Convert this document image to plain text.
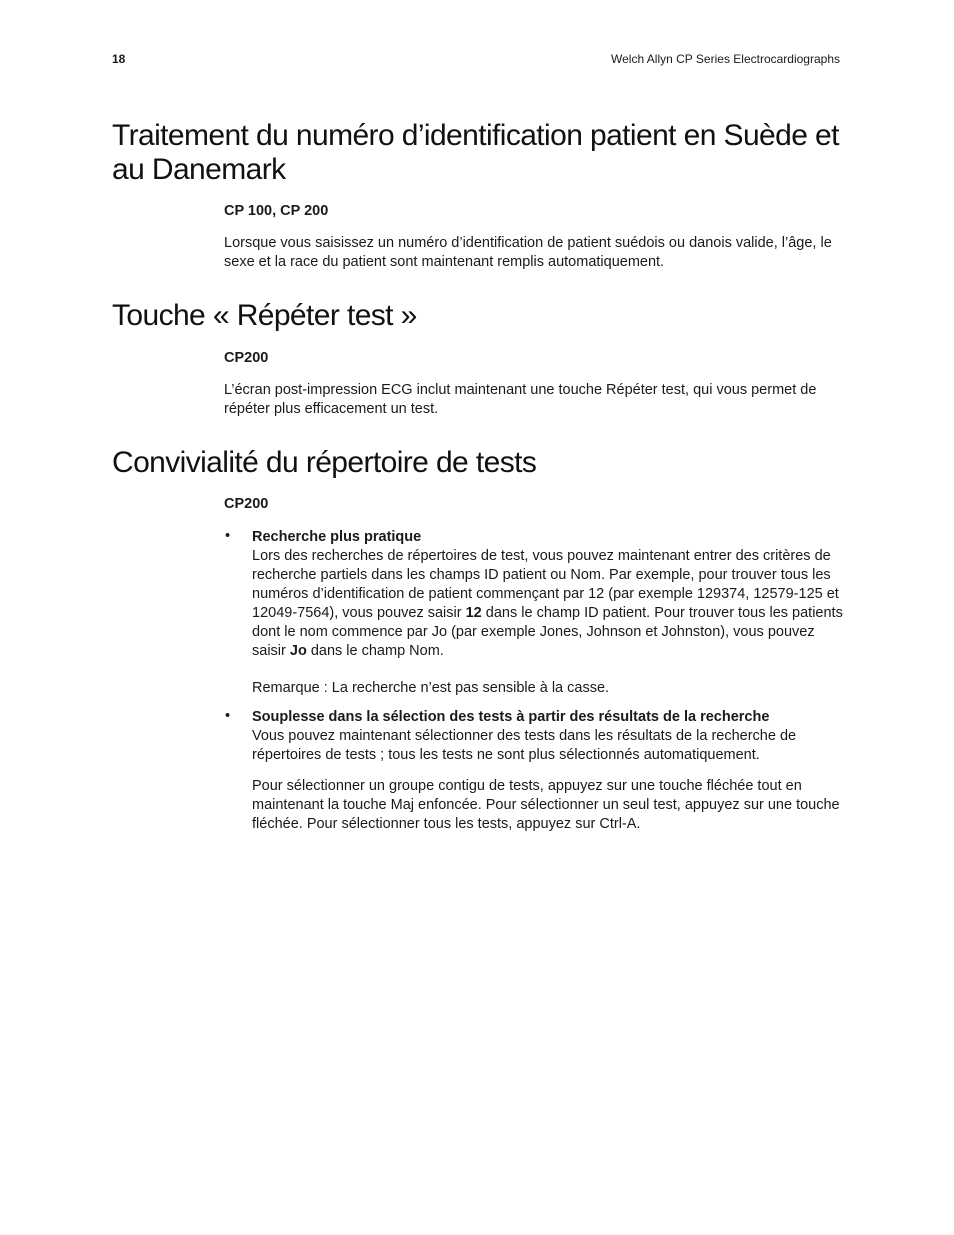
18	Welch Allyn CP Series Electrocardiographs
Traitement du numéro d’identification patient en Suède et au Danemark
CP 100, CP 200

Lorsque vous saisissez un numéro d’identification de patient suédois ou danois valide, l’âge, le sexe et la race du patient sont maintenant remplis automatiquement.

Touche « Répéter test »
CP200

L’écran post-impression ECG inclut maintenant une touche Répéter test, qui vous permet de répéter plus efficacement un test.

Convivialité du répertoire de tests
CP200
• Recherche plus pratique
Lors des recherches de répertoires de test, vous pouvez maintenant entrer des critères de recherche partiels dans les champs ID patient ou Nom. Par exemple, pour trouver tous les numéros d’identification de patient commençant par 12 (par exemple 129374, 12579-125 et 12049-7564), vous pouvez saisir 12 dans le champ ID patient. Pour trouver tous les patients dont le nom commence par Jo (par exemple Jones, Johnson et Johnston), vous pouvez saisir Jo dans le champ Nom.
Remarque : La recherche n’est pas sensible à la casse.
• Souplesse dans la sélection des tests à partir des résultats de la recherche
Vous pouvez maintenant sélectionner des tests dans les résultats de la recherche de répertoires de tests ; tous les tests ne sont plus sélectionnés automatiquement.
Pour sélectionner un groupe contigu de tests, appuyez sur une touche fléchée tout en maintenant la touche Maj enfoncée. Pour sélectionner un seul test, appuyez sur une touche fléchée. Pour sélectionner tous les tests, appuyez sur Ctrl-A.
